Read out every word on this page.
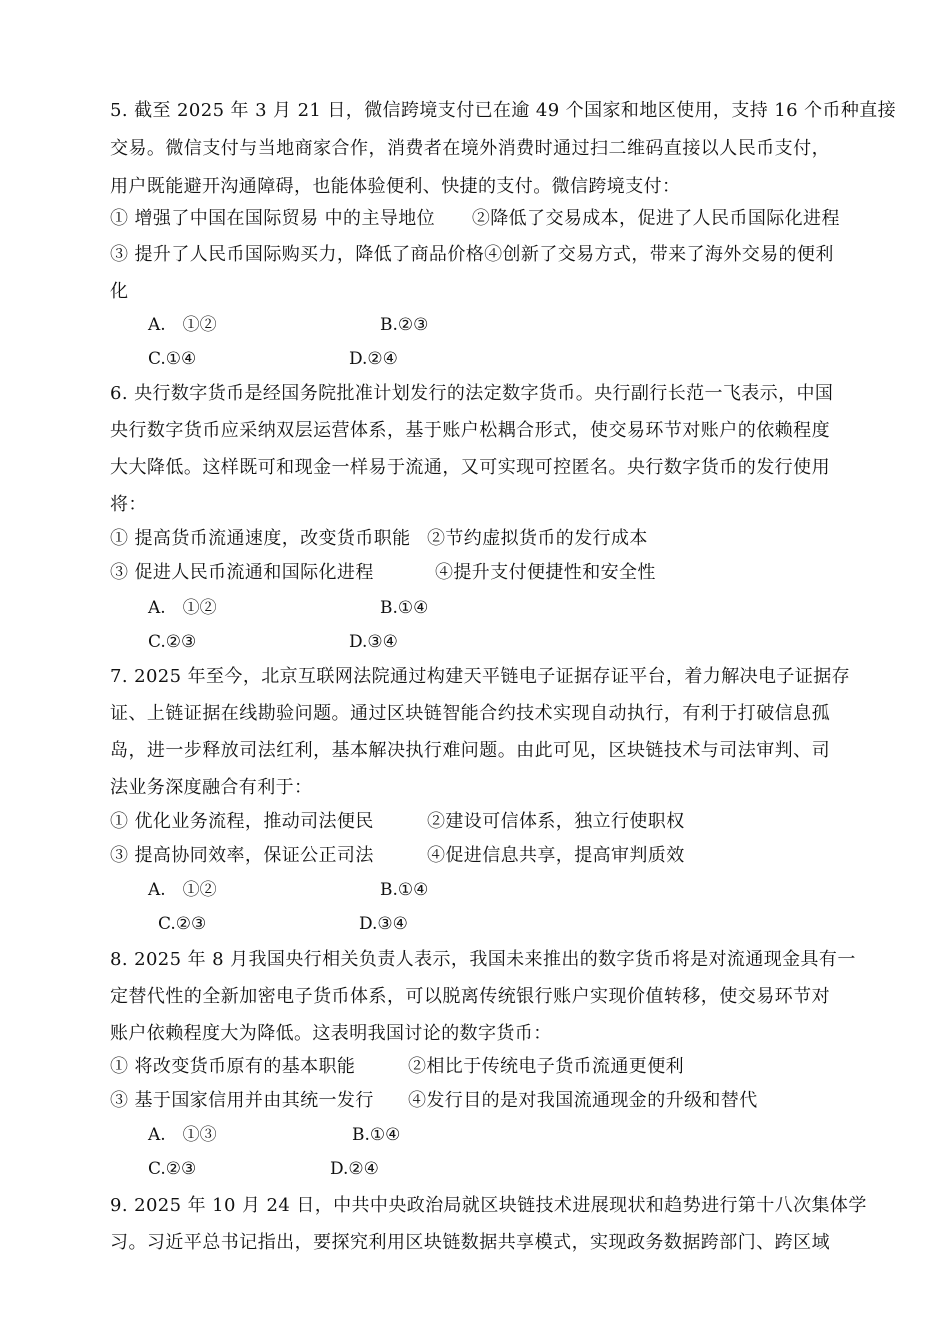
5. 截至 2025 年 3 月 21 日，微信跨境支付已在逾 49 个国家和地区使用，支持 16 个币种直接
交易。微信支付与当地商家合作，消费者在境外消费时通过扫二维码直接以人民币支付，
用户既能避开沟通障碍，也能体验便利、快捷的支付。微信跨境支付：
① 增强了中国在国际贸易 中的主导地位　　②降低了交易成本，促进了人民币国际化进程
③ 提升了人民币国际购买力，降低了商品价格④创新了交易方式，带来了海外交易的便利
化
A.　①②	B.②③
C.①④	D.②④
6. 央行数字货币是经国务院批准计划发行的法定数字货币。央行副行长范一飞表示，中国
央行数字货币应采纳双层运营体系，基于账户松耦合形式，使交易环节对账户的依赖程度
大大降低。这样既可和现金一样易于流通，又可实现可控匿名。央行数字货币的发行使用
将：
① 提高货币流通速度，改变货币职能 ②节约虚拟货币的发行成本
③ 促进人民币流通和国际化进程	④提升支付便捷性和安全性
A.　①②	B.①④
C.②③	D.③④
7. 2025 年至今，北京互联网法院通过构建天平链电子证据存证平台，着力解决电子证据存
证、上链证据在线勘验问题。通过区块链智能合约技术实现自动执行，有利于打破信息孤
岛，进一步释放司法红利，基本解决执行难问题。由此可见，区块链技术与司法审判、司
法业务深度融合有利于：
① 优化业务流程，推动司法便民	②建设可信体系，独立行使职权
③ 提高协同效率，保证公正司法	④促进信息共享，提高审判质效
A.　①②	B.①④
C.②③	D.③④
8. 2025 年 8 月我国央行相关负责人表示，我国未来推出的数字货币将是对流通现金具有一
定替代性的全新加密电子货币体系，可以脱离传统银行账户实现价值转移，使交易环节对
账户依赖程度大为降低。这表明我国讨论的数字货币：
① 将改变货币原有的基本职能	②相比于传统电子货币流通更便利
③ 基于国家信用并由其统一发行 ④发行目的是对我国流通现金的升级和替代
A.　①③	B.①④
C.②③	D.②④
9. 2025 年 10 月 24 日，中共中央政治局就区块链技术进展现状和趋势进行第十八次集体学
习。习近平总书记指出，要探究利用区块链数据共享模式，实现政务数据跨部门、跨区域
